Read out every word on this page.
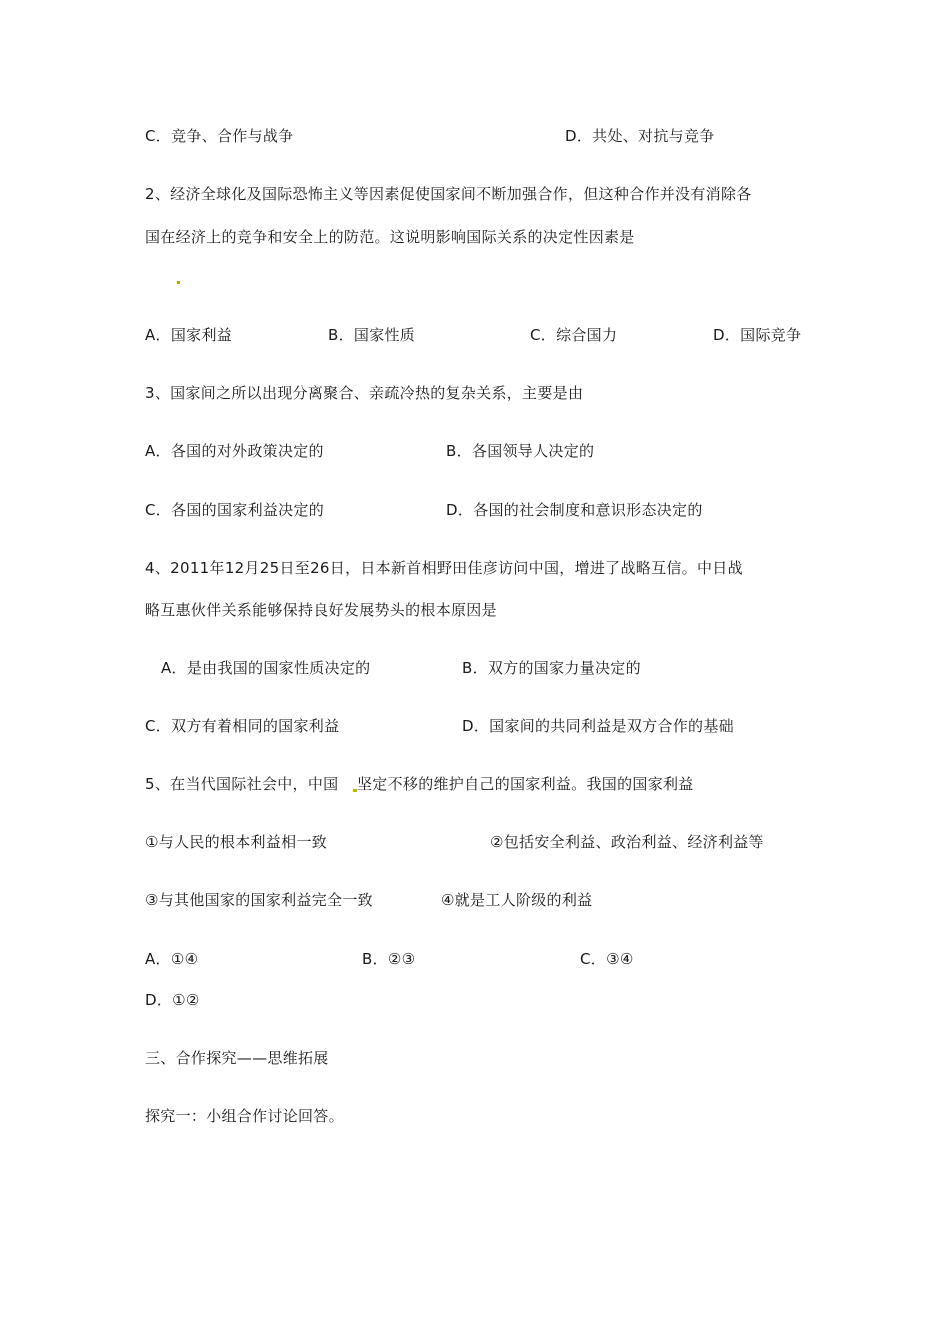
C．竞争、合作与战争	D．共处、对抗与竞争
2、经济全球化及国际恐怖主义等因素促使国家间不断加强合作，但这种合作并没有消除各
国在经济上的竞争和安全上的防范。这说明影响国际关系的决定性因素是
A．国家利益	B．国家性质	C．综合国力	D．国际竞争
3、国家间之所以出现分离聚合、亲疏冷热的复杂关系，主要是由
A．各国的对外政策决定的	B．各国领导人决定的
C．各国的国家利益决定的	D．各国的社会制度和意识形态决定的
4、2011年12月25日至26日，日本新首相野田佳彦访问中国，增进了战略互信。中日战
略互惠伙伴关系能够保持良好发展势头的根本原因是
A．是由我国的国家性质决定的	B．双方的国家力量决定的
C．双方有着相同的国家利益	D．国家间的共同利益是双方合作的基础
5、在当代国际社会中，中国 坚定不移的维护自己的国家利益。我国的国家利益
①与人民的根本利益相一致	②包括安全利益、政治利益、经济利益等
③与其他国家的国家利益完全一致	④就是工人阶级的利益
A．①④	B．②③	C．③④
D．①②
三、合作探究——思维拓展
探究一：小组合作讨论回答。
